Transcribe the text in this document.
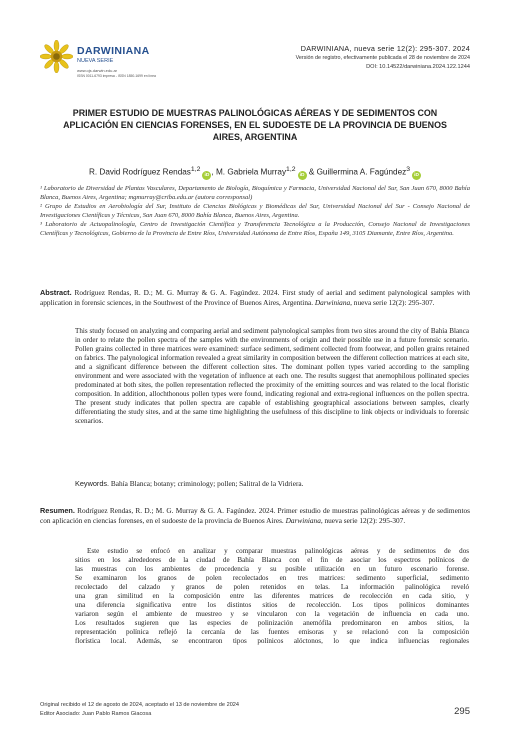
DARWINIANA
NUEVA SERIE
www.ojs.darwin.edu.ar
ISSN 0011-6793 impresa - ISSN 1850-1699 en línea
DARWINIANA, nueva serie 12(2): 295-307. 2024
Versión de registro, efectivamente publicada el 28 de noviembre de 2024
DOI: 10.14522/darwiniana.2024.122.1244
PRIMER ESTUDIO DE MUESTRAS PALINOLÓGICAS AÉREAS Y DE SEDIMENTOS CON APLICACIÓN EN CIENCIAS FORENSES, EN EL SUDOESTE DE LA PROVINCIA DE BUENOS AIRES, ARGENTINA
R. David Rodríguez Rendas$^{1,2}$iD , M. Gabriela Murray$^{1,2}$iD & Guillermina A. Fagúndez$^3$iD

¹ Laboratorio de Diversidad de Plantas Vasculares, Departamento de Biología, Bioquímica y Farmacia, Universidad Nacional del Sur, San Juan 670, 8000 Bahía Blanca, Buenos Aires, Argentina; mgmurray@criba.edu.ar (autora corresponsal)

² Grupo de Estudios en Aerobiología del Sur, Instituto de Ciencias Biológicas y Biomédicas del Sur, Universidad Nacional del Sur - Consejo Nacional de Investigaciones Científicas y Técnicas, San Juan 670, 8000 Bahía Blanca, Buenos Aires, Argentina.

³ Laboratorio de Actuopalinología, Centro de Investigación Científica y Transferencia Tecnológica a la Producción, Consejo Nacional de Investigaciones Científicas y Tecnológicas, Gobierno de la Provincia de Entre Ríos, Universidad Autónoma de Entre Ríos, España 149, 3105 Diamante, Entre Ríos, Argentina.

Abstract. Rodríguez Rendas, R. D.; M. G. Murray & G. A. Fagúndez. 2024. First study of aerial and sediment palynological samples with application in forensic sciences, in the Southwest of the Province of Buenos Aires, Argentina. Darwiniana, nueva serie 12(2): 295-307.

This study focused on analyzing and comparing aerial and sediment palynological samples from two sites around the city of Bahía Blanca in order to relate the pollen spectra of the samples with the environments of origin and their possible use in a future forensic scenario. Pollen grains collected in three matrices were examined: surface sediment, sediment collected from footwear, and pollen grains retained on fabrics. The palynological information revealed a great similarity in composition between the different collection matrices at each site, and a significant difference between the different collection sites. The dominant pollen types varied according to the sampling environment and were associated with the vegetation of influence at each one. The results suggest that anemophilous pollinated species predominated at both sites, the pollen representation reflected the proximity of the emitting sources and was related to the local floristic composition. In addition, allochthonous pollen types were found, indicating regional and extra-regional influences on the pollen spectra. The present study indicates that pollen spectra are capable of establishing geographical associations between samples, clearly differentiating the study sites, and at the same time highlighting the usefulness of this discipline to link objects or individuals to forensic scenarios.

Keywords. Bahía Blanca; botany; criminology; pollen; Salitral de la Vidriera.
Resumen. Rodríguez Rendas, R. D.; M. G. Murray & G. A. Fagúndez. 2024. Primer estudio de muestras palinológicas aéreas y de sedimentos con aplicación en ciencias forenses, en el sudoeste de la provincia de Buenos Aires. Darwiniana, nueva serie 12(2): 295-307.
Este estudio se enfocó en analizar y comparar muestras palinológicas aéreas y de sedimentos de dos
sitios en los alrededores de la ciudad de Bahía Blanca con el fin de asociar los espectros polínicos de
las muestras con los ambientes de procedencia y su posible utilización en un futuro escenario forense.
Se examinaron los granos de polen recolectados en tres matrices: sedimento superficial, sedimento
recolectado del calzado y granos de polen retenidos en telas. La información palinológica reveló
una gran similitud en la composición entre las diferentes matrices de recolección en cada sitio, y
una diferencia significativa entre los distintos sitios de recolección. Los tipos polínicos dominantes
variaron según el ambiente de muestreo y se vincularon con la vegetación de influencia en cada uno.
Los resultados sugieren que las especies de polinización anemófila predominaron en ambos sitios, la
representación polínica reflejó la cercanía de las fuentes emisoras y se relacionó con la composición
florística local. Además, se encontraron tipos polínicos alóctonos, lo que indica influencias regionales
Original recibido el 12 de agosto de 2024, aceptado el 13 de noviembre de 2024
Editor Asociado: Juan Pablo Ramos Giacosa	295
